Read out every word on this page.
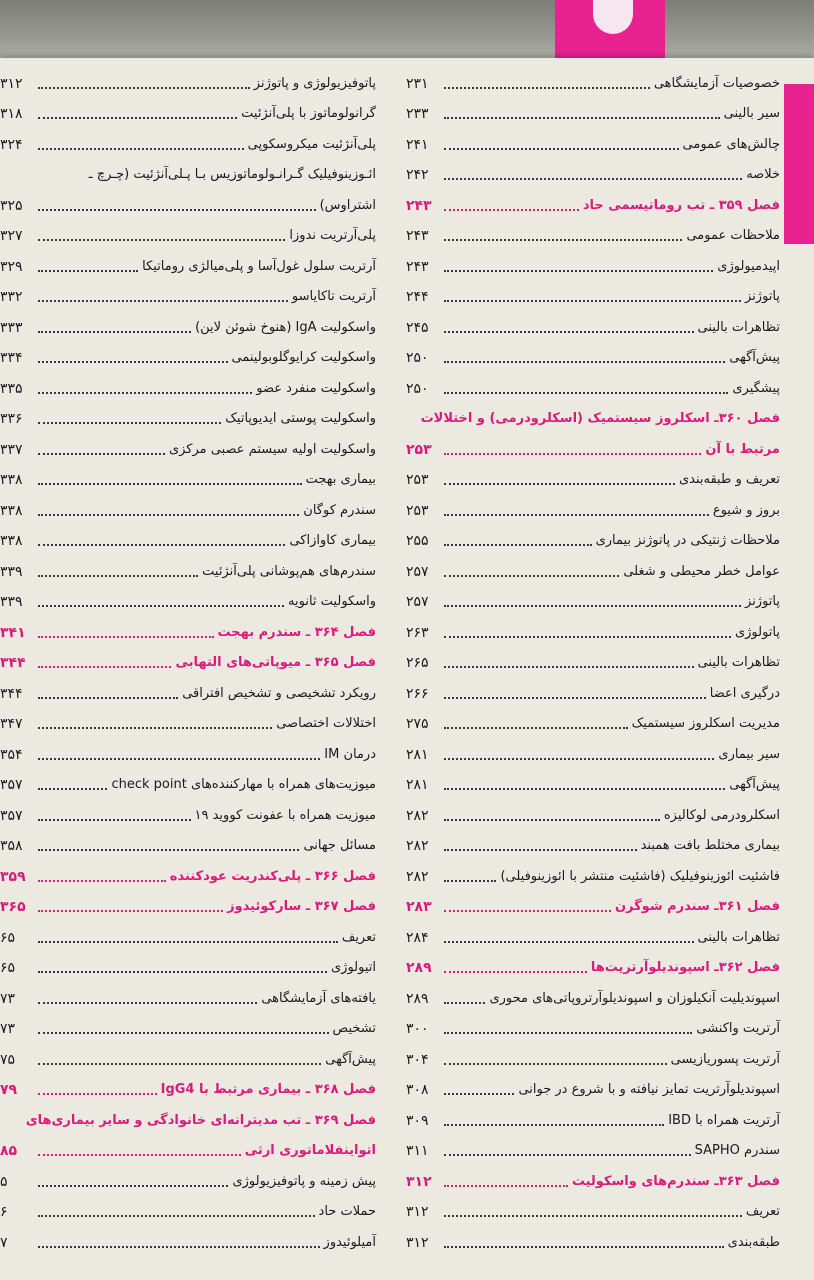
خصوصیات آزمایشگاهی
۲۳۱
سیر بالینی
۲۳۳
چالش‌های عمومی
۲۴۱
خلاصه
۲۴۲
فصل ۳۵۹ ـ تب روماتیسمی حاد
۲۴۳
ملاحظات عمومی
۲۴۳
اپیدمیولوژی
۲۴۳
پاتوژنز
۲۴۴
تظاهرات بالینی
۲۴۵
پیش‌آگهی
۲۵۰
پیشگیری
۲۵۰
فصل ۳۶۰ـ اسکلروز سیستمیک (اسکلرودرمی) و اختلالات
مرتبط با آن
۲۵۳
تعریف و طبقه‌بندی
۲۵۳
بروز و شیوع
۲۵۳
ملاحظات ژنتیکی در پاتوژنز بیماری
۲۵۵
عوامل خطر محیطی و شغلی
۲۵۷
پاتوژنز
۲۵۷
پاتولوژی
۲۶۳
تظاهرات بالینی
۲۶۵
درگیری اعضا
۲۶۶
مدیریت اسکلروز سیستمیک
۲۷۵
سیر بیماری
۲۸۱
پیش‌آگهی
۲۸۱
اسکلرودرمی لوکالیزه
۲۸۲
بیماری مختلط بافت همبند
۲۸۲
فاشئیت ائوزینوفیلیک (فاشئیت منتشر با ائوزینوفیلی)
۲۸۲
فصل ۳۶۱ـ سندرم شوگرن
۲۸۳
تظاهرات بالینی
۲۸۴
فصل ۳۶۲ـ اسپوندیلوآرتریت‌ها
۲۸۹
اسپوندیلیت آنکیلوزان و اسپوندیلوآرتروپاتی‌های محوری
۲۸۹
آرتریت واکنشی
۳۰۰
آرتریت پسوریازیسی
۳۰۴
اسپوندیلوآرتریت تمایز نیافته و با شروع در جوانی
۳۰۸
آرتریت همراه با IBD
۳۰۹
سندرم SAPHO
۳۱۱
فصل ۳۶۳ـ سندرم‌های واسکولیت
۳۱۲
تعریف
۳۱۲
طبقه‌بندی
۳۱۲
پاتوفیزیولوژی و پاتوژنز
۳۱۲
گرانولوماتوز با پلی‌آنژئیت
۳۱۸
پلی‌آنژئیت میکروسکوپی
۳۲۴
ائـوزینوفیلیک گـرانـولوماتوزیس بـا پـلی‌آنژئیت (چـرچ ـ
اشتراوس)
۳۲۵
پلی‌آرتریت ندوزا
۳۲۷
آرتریت سلول غول‌آسا و پلی‌میالژی روماتیکا
۳۲۹
آرتریت تاکایاسو
۳۳۲
واسکولیت IgA (هنوخ شوئن لاین)
۳۳۳
واسکولیت کرایوگلوبولینمی
۳۳۴
واسکولیت منفرد عضو
۳۳۵
واسکولیت پوستی ایدیوپاتیک
۳۳۶
واسکولیت اولیه سیستم عصبی مرکزی
۳۳۷
بیماری بهجت
۳۳۸
سندرم کوگان
۳۳۸
بیماری کاوازاکی
۳۳۸
سندرم‌های هم‌پوشانی پلی‌آنژئیت
۳۳۹
واسکولیت ثانویه
۳۳۹
فصل ۳۶۴ ـ سندرم بهجت
۳۴۱
فصل ۳۶۵ ـ میوپاتی‌های التهابی
۳۴۴
رویکرد تشخیصی و تشخیص افتراقی
۳۴۴
اختلالات اختصاصی
۳۴۷
درمان IM
۳۵۴
میوزیت‌های همراه با مهارکننده‌های check point
۳۵۷
میوزیت همراه با عفونت کووید ۱۹
۳۵۷
مسائل جهانی
۳۵۸
فصل ۳۶۶ ـ پلی‌کندریت عودکننده
۳۵۹
فصل ۳۶۷ ـ سارکوئیدوز
۳۶۵
تعریف
۶۵
اتیولوژی
۶۵
یافته‌های آزمایشگاهی
۷۳
تشخیص
۷۳
پیش‌آگهی
۷۵
فصل ۳۶۸ ـ بیماری مرتبط با IgG4
۷۹
فصل ۳۶۹ ـ تب مدیترانه‌ای خانوادگی و سایر بیماری‌های
اتواینفلاماتوری ارثی
۸۵
پیش زمینه و پاتوفیزیولوژی
۵
حملات حاد
۶
آمیلوئیدوز
۷
